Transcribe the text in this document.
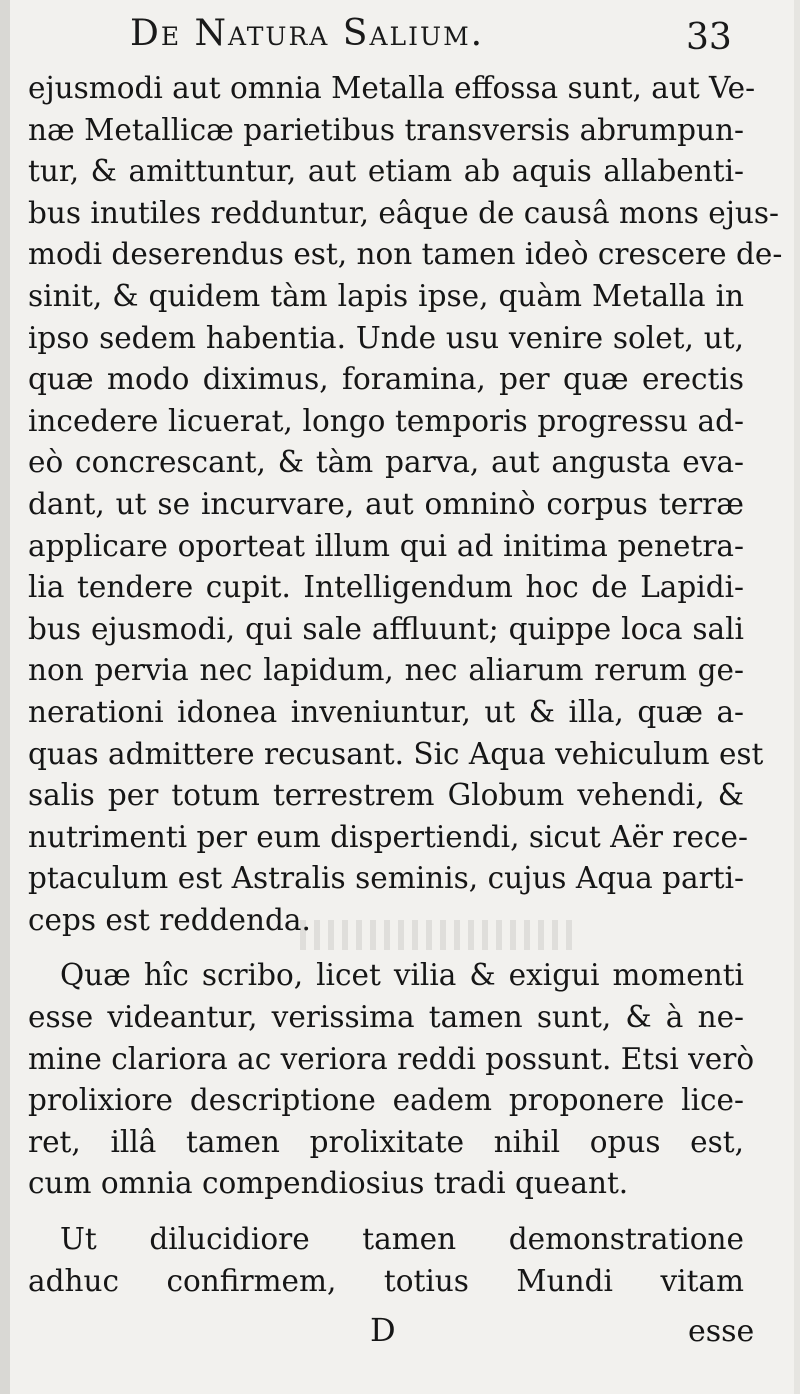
De Natura Salium.	33
ejusmodi aut omnia Metalla effossa sunt, aut Ve-
næ Metallicæ parietibus transversis abrumpun-
tur, & amittuntur, aut etiam ab aquis allabenti-
bus inutiles redduntur, eâque de causâ mons ejus-
modi deserendus est, non tamen ideò crescere de-
sinit, & quidem tàm lapis ipse, quàm Metalla in
ipso sedem habentia. Unde usu venire solet, ut,
quæ modo diximus, foramina, per quæ erectis
incedere licuerat, longo temporis progressu ad-
eò concrescant, & tàm parva, aut angusta eva-
dant, ut se incurvare, aut omninò corpus terræ
applicare oporteat illum qui ad initima penetra-
lia tendere cupit. Intelligendum hoc de Lapidi-
bus ejusmodi, qui sale affluunt; quippe loca sali
non pervia nec lapidum, nec aliarum rerum ge-
nerationi idonea inveniuntur, ut & illa, quæ a-
quas admittere recusant. Sic Aqua vehiculum est
salis per totum terrestrem Globum vehendi, &
nutrimenti per eum dispertiendi, sicut Aër rece-
ptaculum est Astralis seminis, cujus Aqua parti-
ceps est reddenda.
Quæ hîc scribo, licet vilia & exigui momenti
esse videantur, verissima tamen sunt, & à ne-
mine clariora ac veriora reddi possunt. Etsi verò
prolixiore descriptione eadem proponere lice-
ret, illâ tamen prolixitate nihil opus est,
cum omnia compendiosius tradi queant.
Ut dilucidiore tamen demonstratione
adhuc confirmem, totius Mundi vitam
D	esse
